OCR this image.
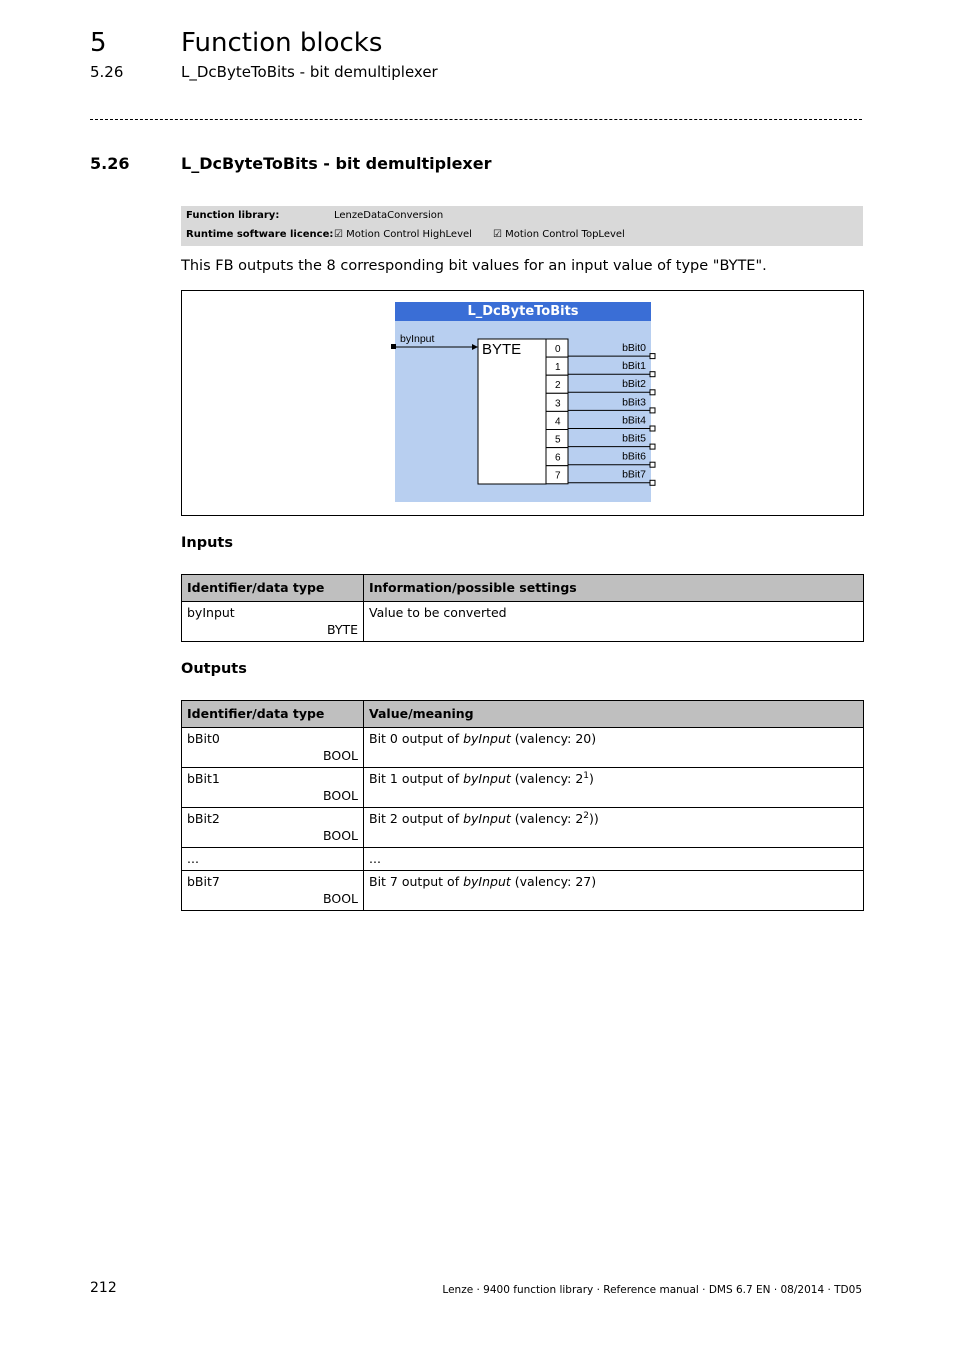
5	Function blocks
5.26	L_DcByteToBits - bit demultiplexer
5.26	L_DcByteToBits - bit demultiplexer
Function library:	LenzeDataConversion
Runtime software licence: ☑ Motion Control HighLevel ☑ Motion Control TopLevel
This FB outputs the 8 corresponding bit values for an input value of type "BYTE".
L_DcByteToBits
byInput
BYTE	0	bBit0
1	bBit1
2	bBit2
3	bBit3
4	bBit4
5	bBit5
6	bBit6
7	bBit7
Inputs
Identifier/data type	Information/possible settings

byInput
BYTE	Value to be converted
Outputs
Identifier/data type	Value/meaning

bBit0
BOOL	Bit 0 output of byInput (valency: 20)

bBit1
BOOL	Bit 1 output of byInput (valency: $2^1$)

bBit2
BOOL	Bit 2 output of byInput (valency: $2^2$))

...	...

bBit7
BOOL	Bit 7 output of byInput (valency: 27)
212	Lenze · 9400 function library · Reference manual · DMS 6.7 EN · 08/2014 · TD05
